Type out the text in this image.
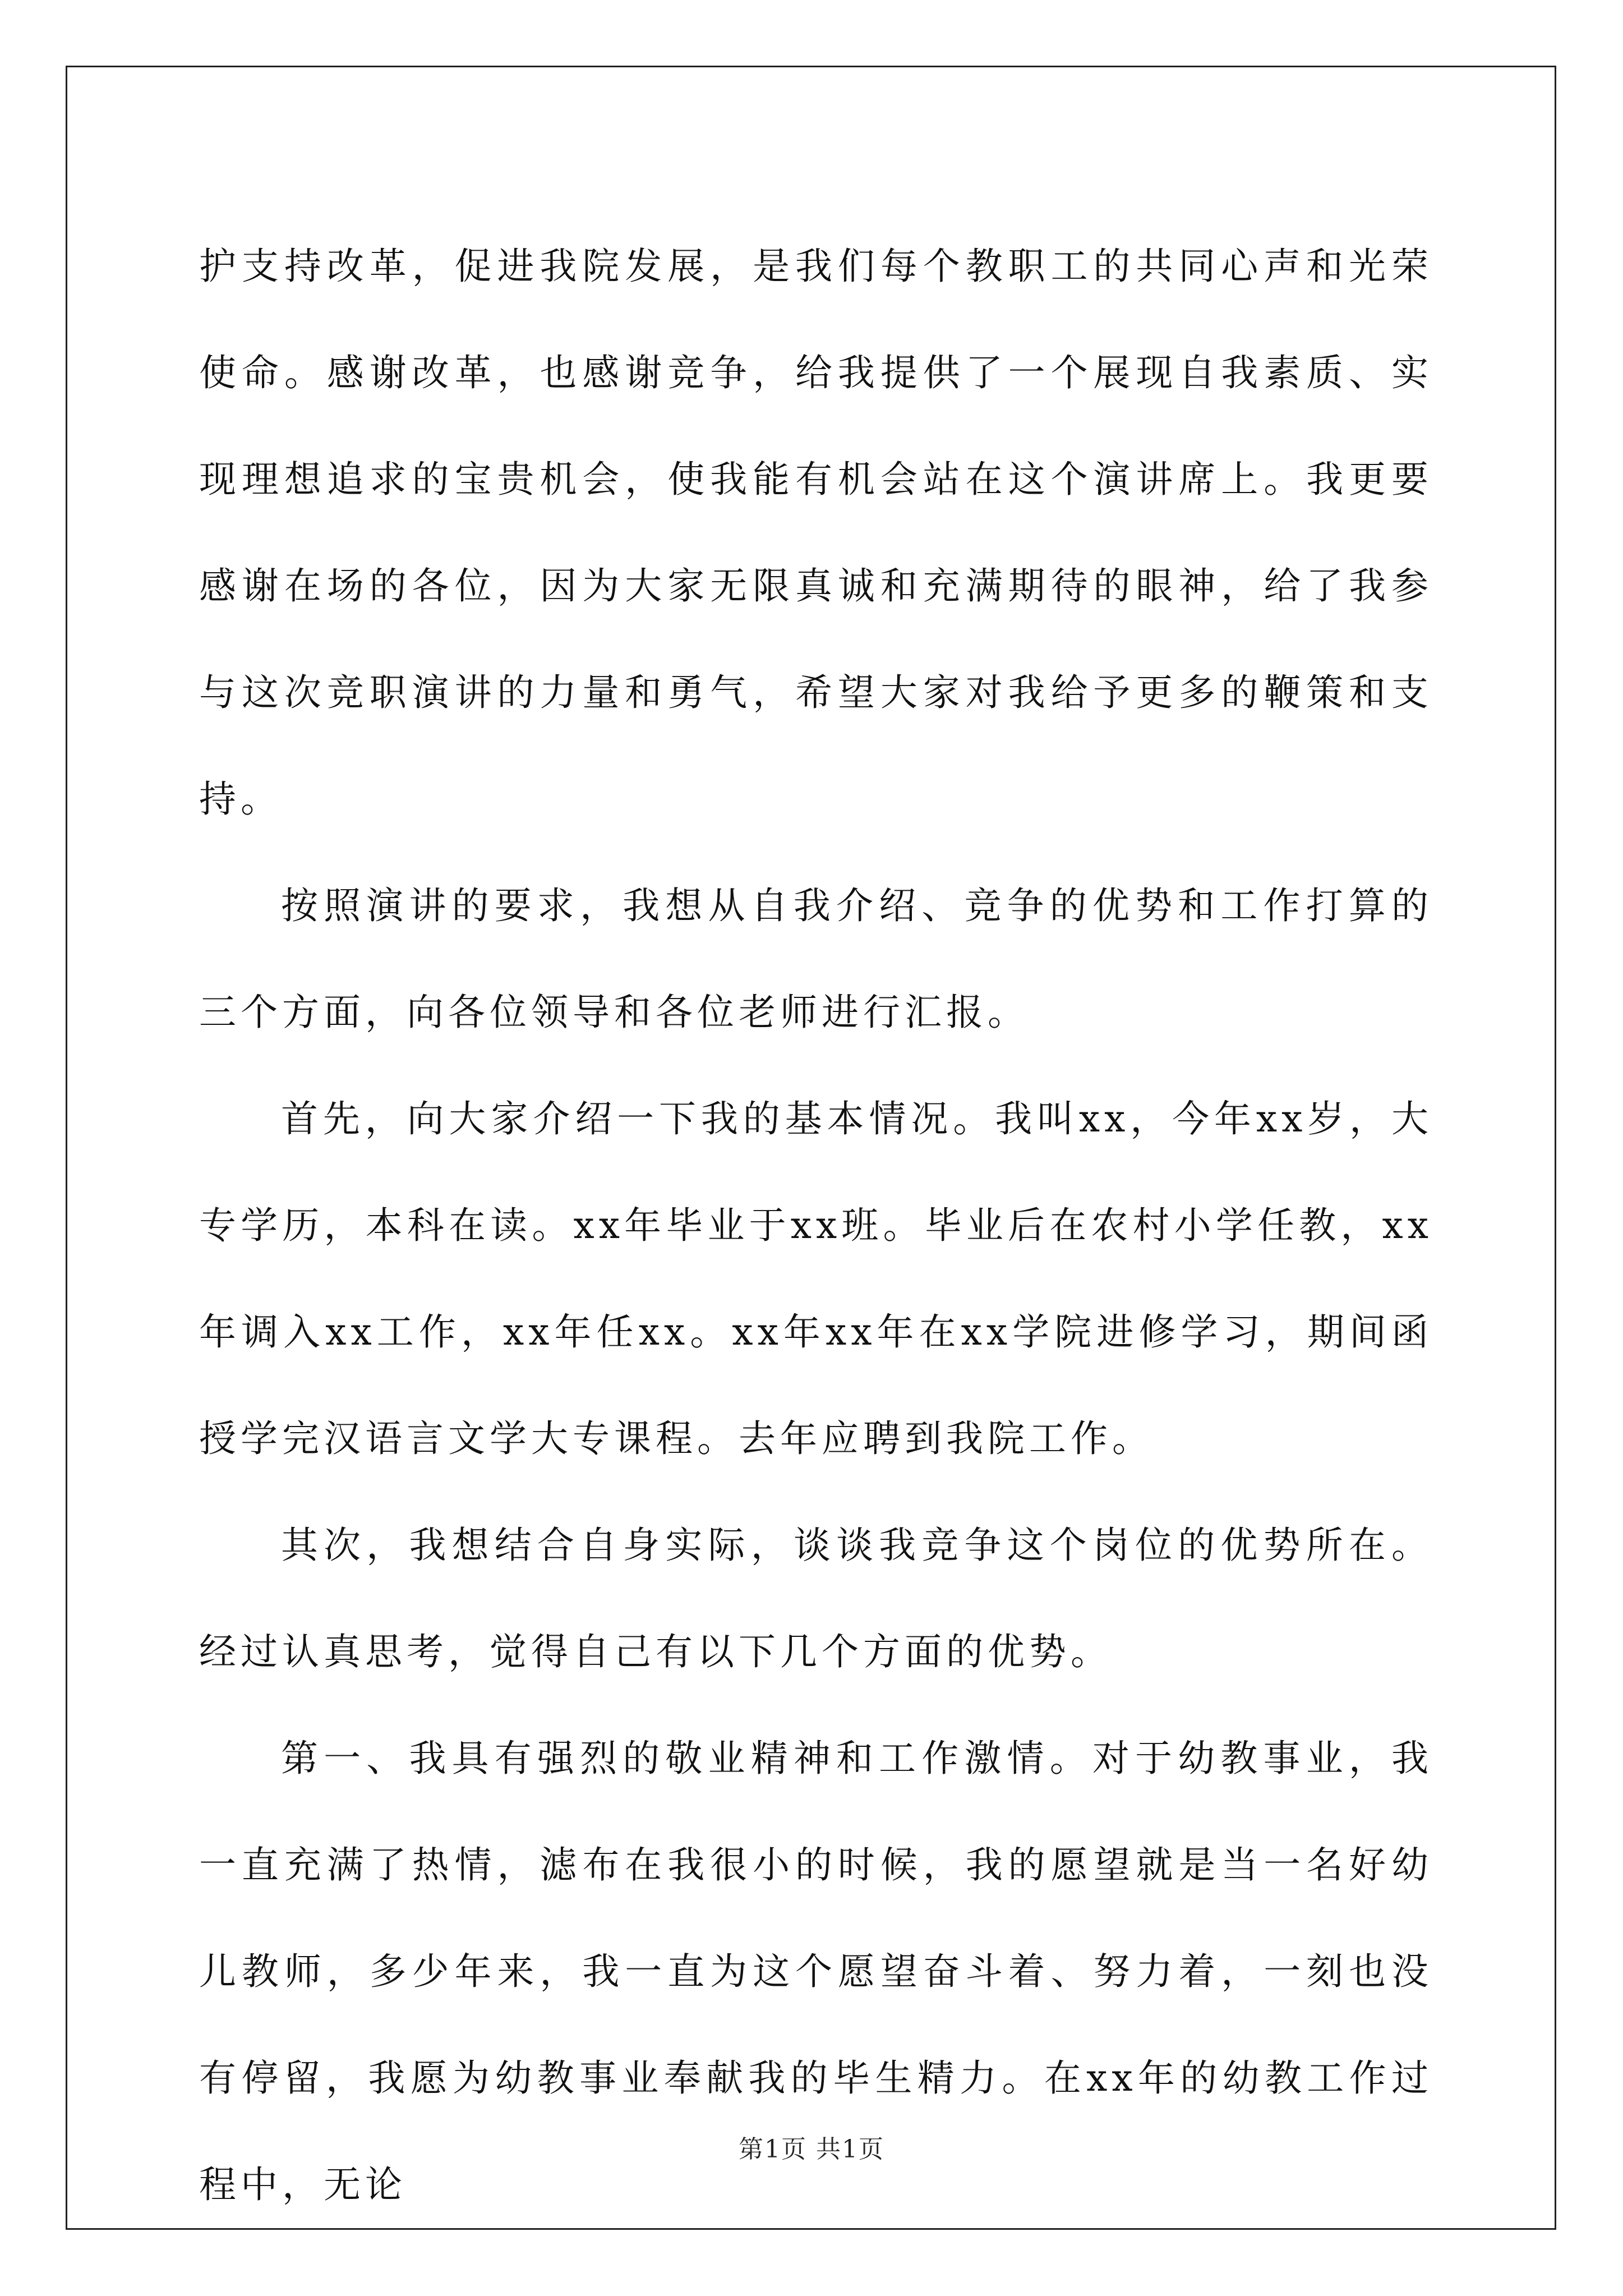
护支持改革，促进我院发展，是我们每个教职工的共同心声和光荣使命。感谢改革，也感谢竞争，给我提供了一个展现自我素质、实现理想追求的宝贵机会，使我能有机会站在这个演讲席上。我更要感谢在场的各位，因为大家无限真诚和充满期待的眼神，给了我参与这次竞职演讲的力量和勇气，希望大家对我给予更多的鞭策和支持。

按照演讲的要求，我想从自我介绍、竞争的优势和工作打算的三个方面，向各位领导和各位老师进行汇报。

首先，向大家介绍一下我的基本情况。我叫xx，今年xx岁，大专学历，本科在读。xx年毕业于xx班。毕业后在农村小学任教，xx年调入xx工作，xx年任xx。xx年xx年在xx学院进修学习，期间函授学完汉语言文学大专课程。去年应聘到我院工作。

其次，我想结合自身实际，谈谈我竞争这个岗位的优势所在。经过认真思考，觉得自己有以下几个方面的优势。

第一、我具有强烈的敬业精神和工作激情。对于幼教事业，我一直充满了热情，滤布在我很小的时候，我的愿望就是当一名好幼儿教师，多少年来，我一直为这个愿望奋斗着、努力着，一刻也没有停留，我愿为幼教事业奉献我的毕生精力。在xx年的幼教工作过程中，无论

第1页 共1页
